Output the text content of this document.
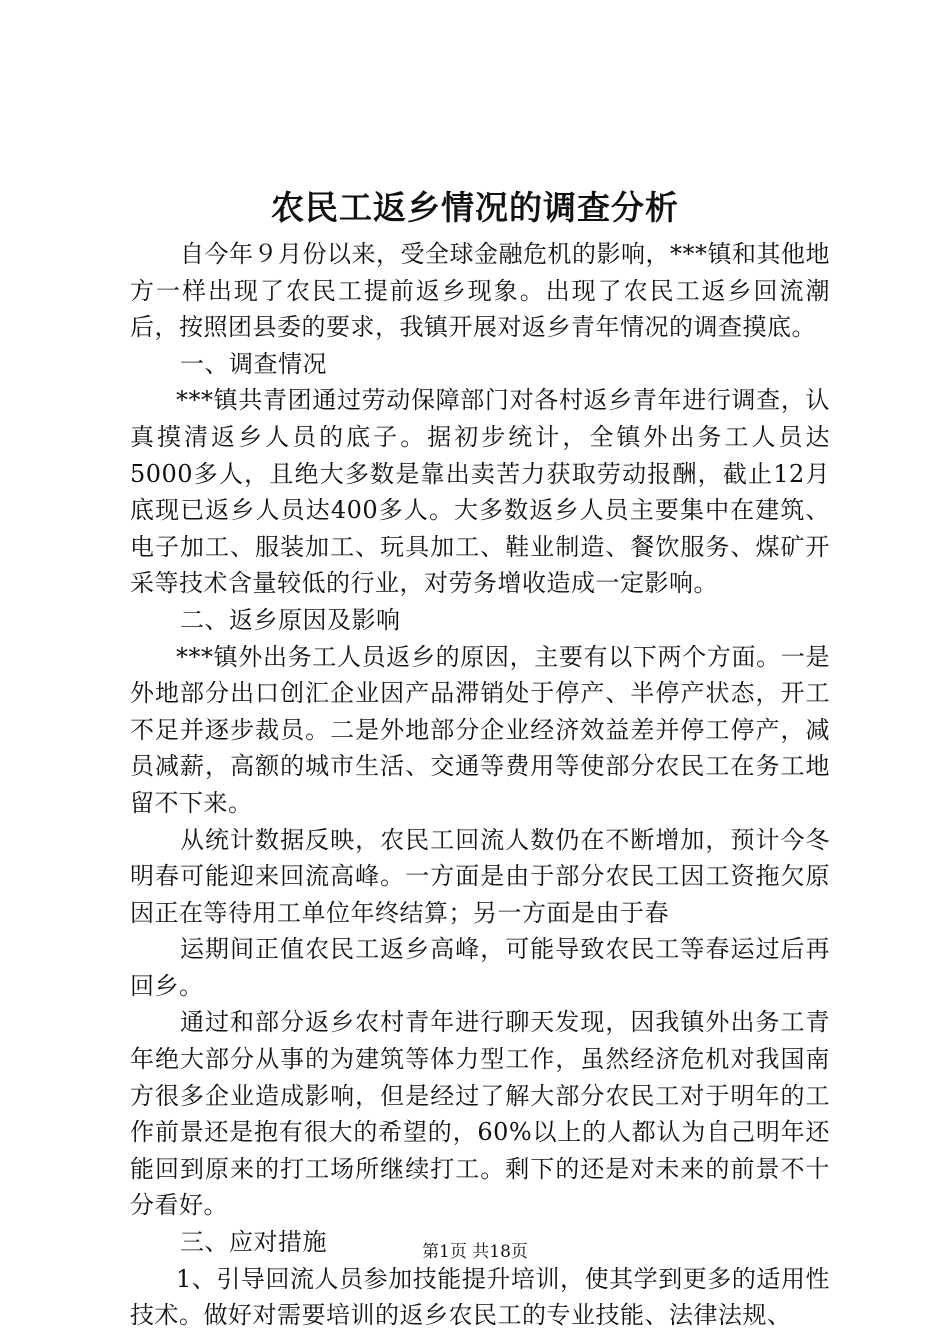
农民工返乡情况的调查分析

自今年９月份以来，受全球金融危机的影响，***镇和其他地方一样出现了农民工提前返乡现象。出现了农民工返乡回流潮后，按照团县委的要求，我镇开展对返乡青年情况的调查摸底。

一、调查情况

***镇共青团通过劳动保障部门对各村返乡青年进行调查，认真摸清返乡人员的底子。据初步统计，全镇外出务工人员达5000多人，且绝大多数是靠出卖苦力获取劳动报酬，截止12月底现已返乡人员达400多人。大多数返乡人员主要集中在建筑、电子加工、服装加工、玩具加工、鞋业制造、餐饮服务、煤矿开采等技术含量较低的行业，对劳务增收造成一定影响。

二、返乡原因及影响

***镇外出务工人员返乡的原因，主要有以下两个方面。一是外地部分出口创汇企业因产品滞销处于停产、半停产状态，开工不足并逐步裁员。二是外地部分企业经济效益差并停工停产，减员减薪，高额的城市生活、交通等费用等使部分农民工在务工地留不下来。

从统计数据反映，农民工回流人数仍在不断增加，预计今冬明春可能迎来回流高峰。一方面是由于部分农民工因工资拖欠原因正在等待用工单位年终结算；另一方面是由于春

运期间正值农民工返乡高峰，可能导致农民工等春运过后再回乡。

通过和部分返乡农村青年进行聊天发现，因我镇外出务工青年绝大部分从事的为建筑等体力型工作，虽然经济危机对我国南方很多企业造成影响，但是经过了解大部分农民工对于明年的工作前景还是抱有很大的希望的，60%以上的人都认为自己明年还能回到原来的打工场所继续打工。剩下的还是对未来的前景不十分看好。

三、应对措施

1、引导回流人员参加技能提升培训，使其学到更多的适用性技术。做好对需要培训的返乡农民工的专业技能、法律法规、

第1页 共18页
